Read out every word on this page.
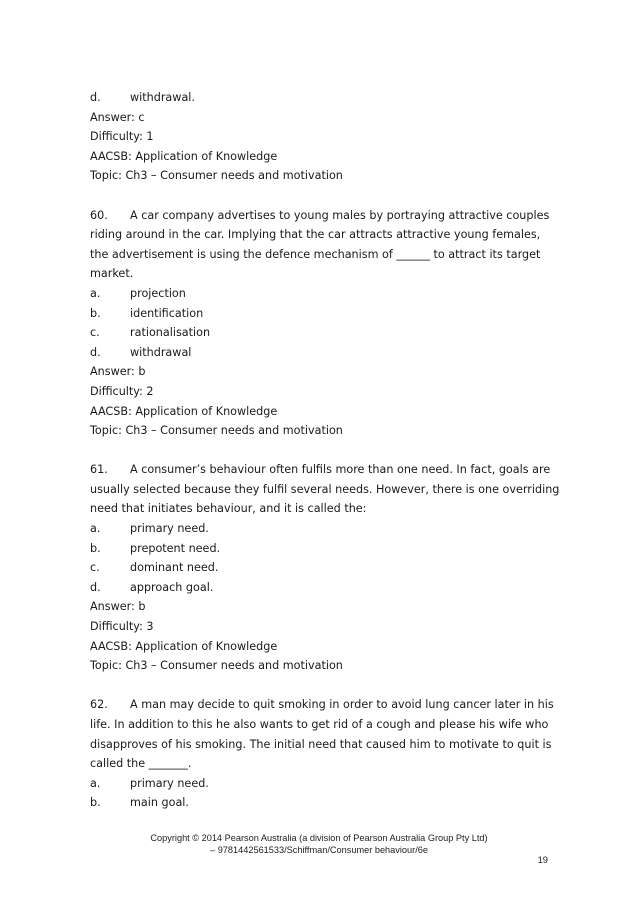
d.	withdrawal.
Answer: c
Difficulty: 1
AACSB: Application of Knowledge
Topic: Ch3 – Consumer needs and motivation
60.	A car company advertises to young males by portraying attractive couples
riding around in the car. Implying that the car attracts attractive young females,
the advertisement is using the defence mechanism of ______ to attract its target
market.
a.	projection
b.	identification
c.	rationalisation
d.	withdrawal
Answer: b
Difficulty: 2
AACSB: Application of Knowledge
Topic: Ch3 – Consumer needs and motivation
61.	A consumer’s behaviour often fulfils more than one need. In fact, goals are
usually selected because they fulfil several needs. However, there is one overriding
need that initiates behaviour, and it is called the:
a.	primary need.
b.	prepotent need.
c.	dominant need.
d.	approach goal.
Answer: b
Difficulty: 3
AACSB: Application of Knowledge
Topic: Ch3 – Consumer needs and motivation
62.	A man may decide to quit smoking in order to avoid lung cancer later in his
life. In addition to this he also wants to get rid of a cough and please his wife who
disapproves of his smoking. The initial need that caused him to motivate to quit is
called the _______.
a.	primary need.
b.	main goal.
Copyright © 2014 Pearson Australia (a division of Pearson Australia Group Pty Ltd)
– 9781442561533/Schiffman/Consumer behaviour/6e
19
